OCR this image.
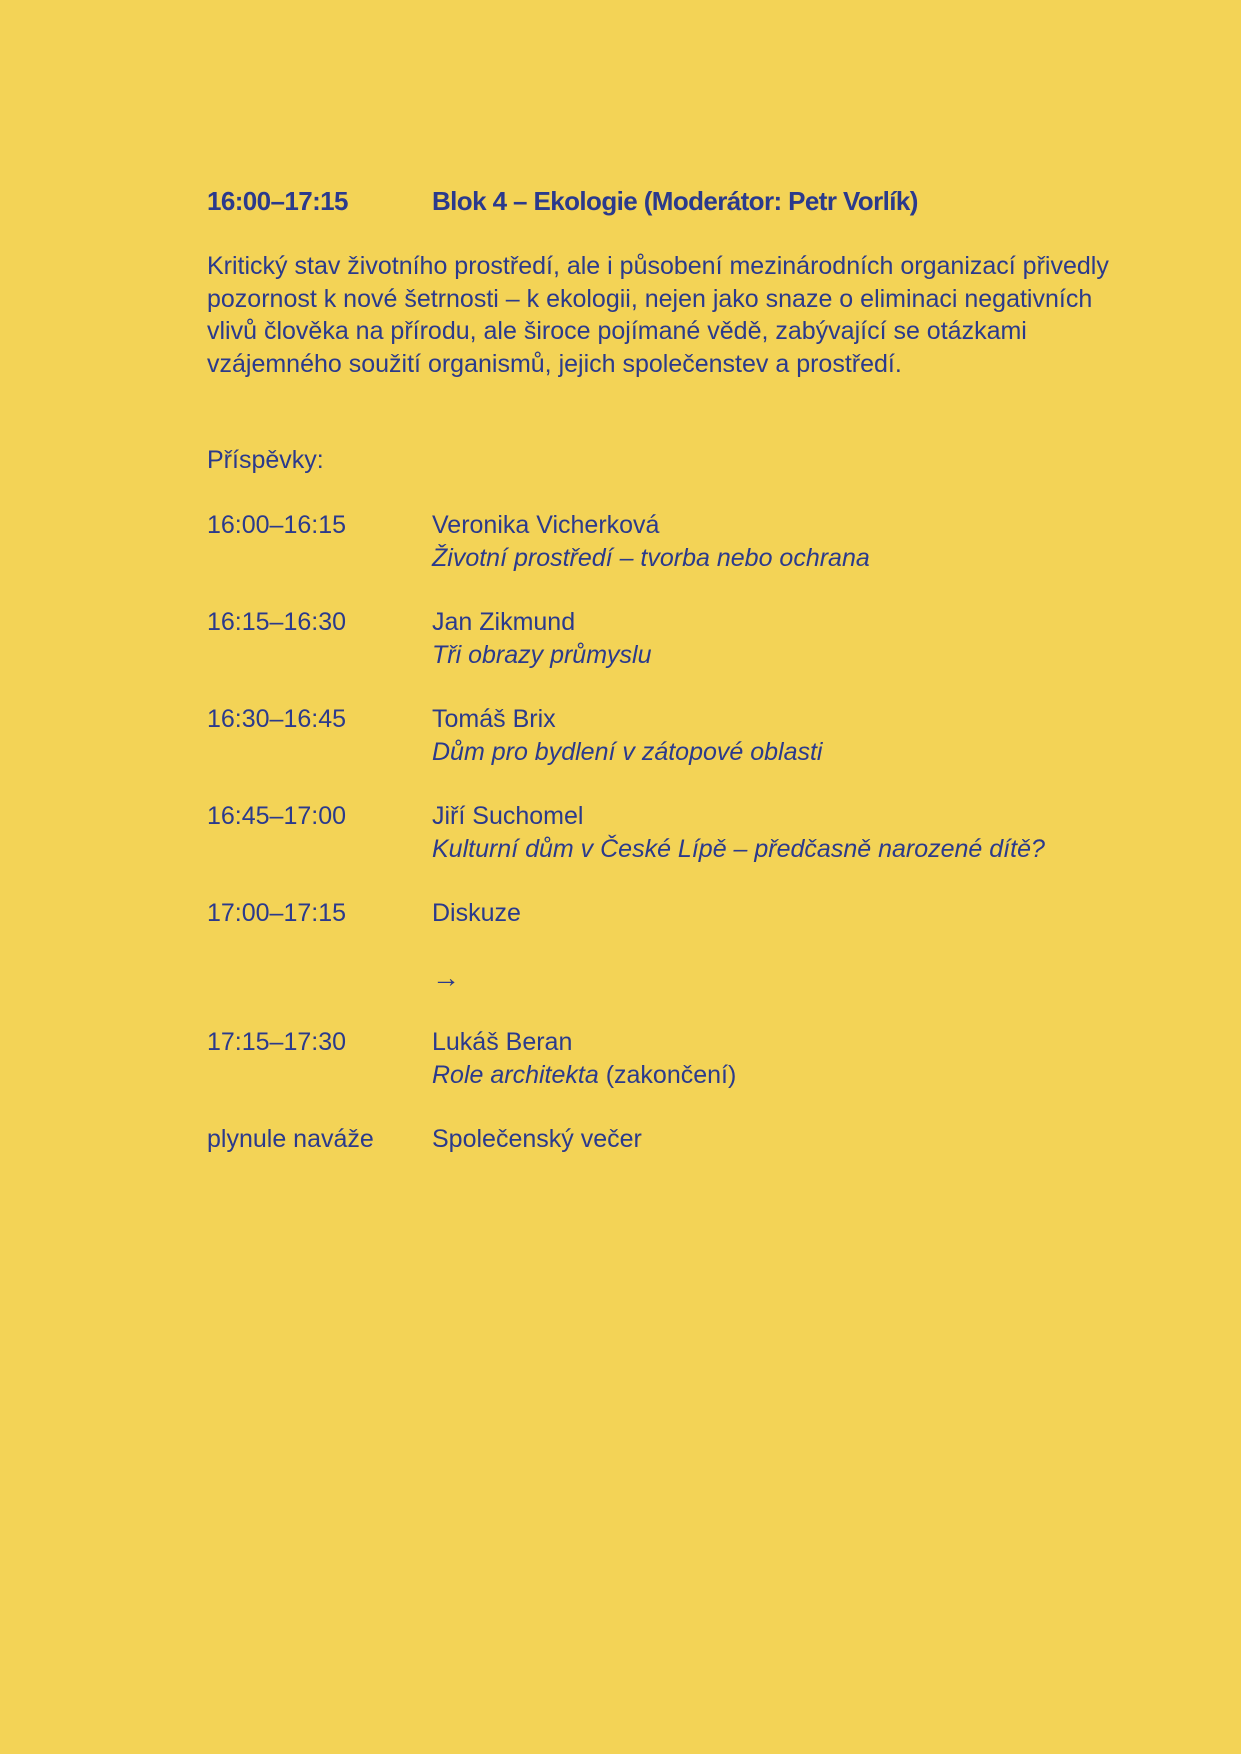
16:00–17:15	Blok 4 – Ekologie (Moderátor: Petr Vorlík)

Kritický stav životního prostředí, ale i působení mezinárodních organizací přivedly pozornost k nové šetrnosti – k ekologii, nejen jako snaze o eliminaci negativních vlivů člověka na přírodu, ale široce pojímané vědě, zabývající se otázkami vzájemného soužití organismů, jejich společenstev a prostředí.

Příspěvky:
16:00–16:15	Veronika Vicherková
Životní prostředí – tvorba nebo ochrana
16:15–16:30	Jan Zikmund
Tři obrazy průmyslu
16:30–16:45	Tomáš Brix
Dům pro bydlení v zátopové oblasti
16:45–17:00	Jiří Suchomel
Kulturní dům v České Lípě – předčasně narozené dítě?
17:00–17:15	Diskuze
→
17:15–17:30	Lukáš Beran
Role architekta (zakončení)
plynule naváže	Společenský večer
